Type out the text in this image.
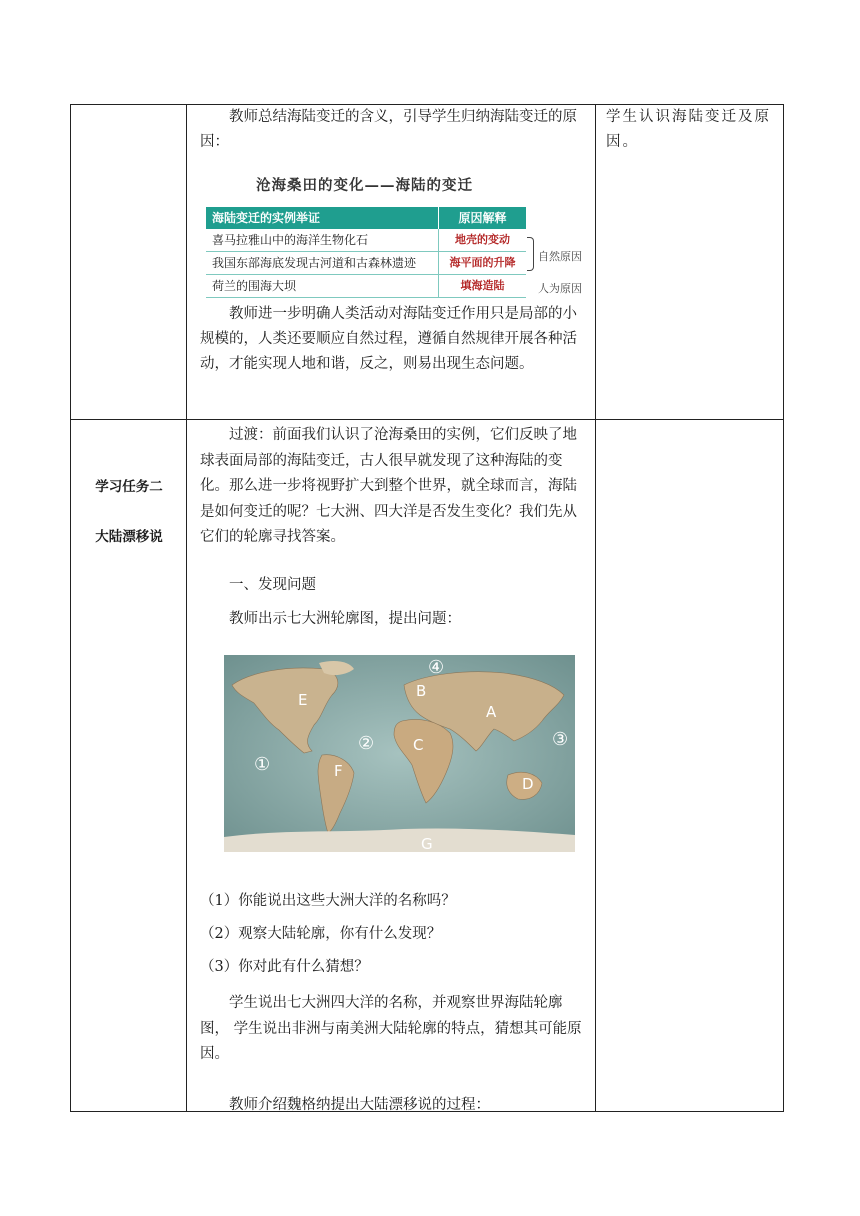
教师总结海陆变迁的含义，引导学生归纳海陆变迁的原因：

教师进一步明确人类活动对海陆变迁作用只是局部的小规模的，人类还要顺应自然过程，遵循自然规律开展各种活动，才能实现人地和谐，反之，则易出现生态问题。

学生认识海陆变迁及原因。

学习任务二
大陆漂移说

过渡：前面我们认识了沧海桑田的实例，它们反映了地球表面局部的海陆变迁，古人很早就发现了这种海陆的变化。那么进一步将视野扩大到整个世界，就全球而言，海陆是如何变迁的呢？七大洲、四大洋是否发生变化？我们先从它们的轮廓寻找答案。

一、发现问题

教师出示七大洲轮廓图，提出问题：

（1）你能说出这些大洲大洋的名称吗？

（2）观察大陆轮廓，你有什么发现？

（3）你对此有什么猜想？

学生说出七大洲四大洋的名称，并观察世界海陆轮廓图， 学生说出非洲与南美洲大陆轮廓的特点，猜想其可能原因。

教师介绍魏格纳提出大陆漂移说的过程：

沧海桑田的变化——海陆的变迁
海陆变迁的实例举证	原因解释
喜马拉雅山中的海洋生物化石	地壳的变动
我国东部海底发现古河道和古森林遗迹	海平面的升降
荷兰的围海大坝	填海造陆
自然原因
人为原因
A
B
C
D
E
F
G
①
②	③
④
